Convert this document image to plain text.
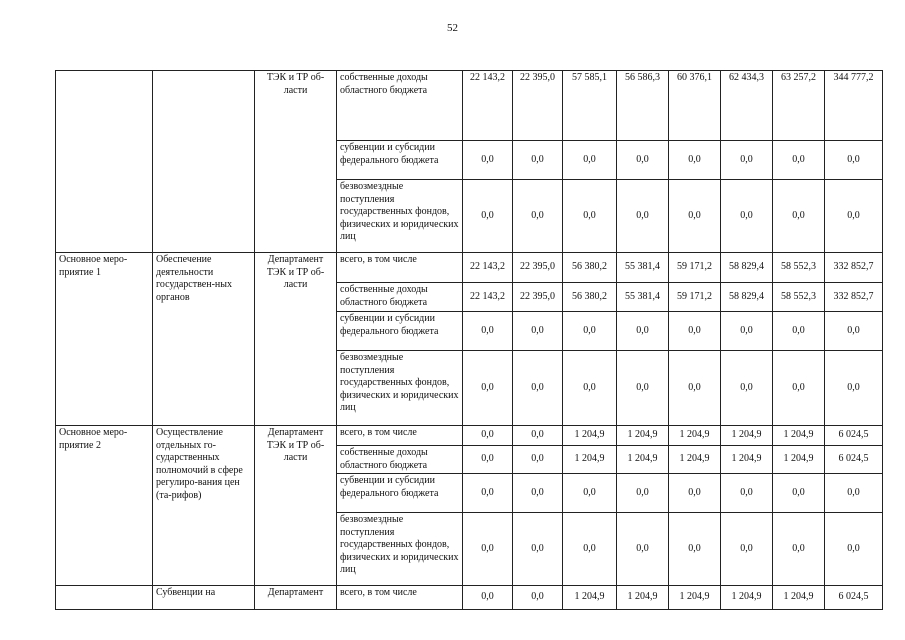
52
		ТЭК и ТР об-ласти	собственные доходы областного бюджета	22 143,2	22 395,0	57 585,1	56 586,3	60 376,1	62 434,3	63 257,2	344 777,2
			субвенции и субсидии федерального бюджета	0,0	0,0	0,0	0,0	0,0	0,0	0,0	0,0
			безвозмездные поступления государственных фондов, физических и юридических лиц	0,0	0,0	0,0	0,0	0,0	0,0	0,0	0,0
Основное меро-приятие 1	Обеспечение деятельности государствен-ных органов	Департамент ТЭК и ТР об-ласти	всего, в том числе	22 143,2	22 395,0	56 380,2	55 381,4	59 171,2	58 829,4	58 552,3	332 852,7
			собственные доходы областного бюджета	22 143,2	22 395,0	56 380,2	55 381,4	59 171,2	58 829,4	58 552,3	332 852,7
			субвенции и субсидии федерального бюджета	0,0	0,0	0,0	0,0	0,0	0,0	0,0	0,0
			безвозмездные поступления государственных фондов, физических и юридических лиц	0,0	0,0	0,0	0,0	0,0	0,0	0,0	0,0
Основное меро-приятие 2	Осуществление отдельных го-сударственных полномочий в сфере регулиро-вания цен (та-рифов)	Департамент ТЭК и ТР об-ласти	всего, в том числе	0,0	0,0	1 204,9	1 204,9	1 204,9	1 204,9	1 204,9	6 024,5
			собственные доходы областного бюджета	0,0	0,0	1 204,9	1 204,9	1 204,9	1 204,9	1 204,9	6 024,5
			субвенции и субсидии федерального бюджета	0,0	0,0	0,0	0,0	0,0	0,0	0,0	0,0
			безвозмездные поступления государственных фондов, физических и юридических лиц	0,0	0,0	0,0	0,0	0,0	0,0	0,0	0,0
	Субвенции на	Департамент	всего, в том числе	0,0	0,0	1 204,9	1 204,9	1 204,9	1 204,9	1 204,9	6 024,5
